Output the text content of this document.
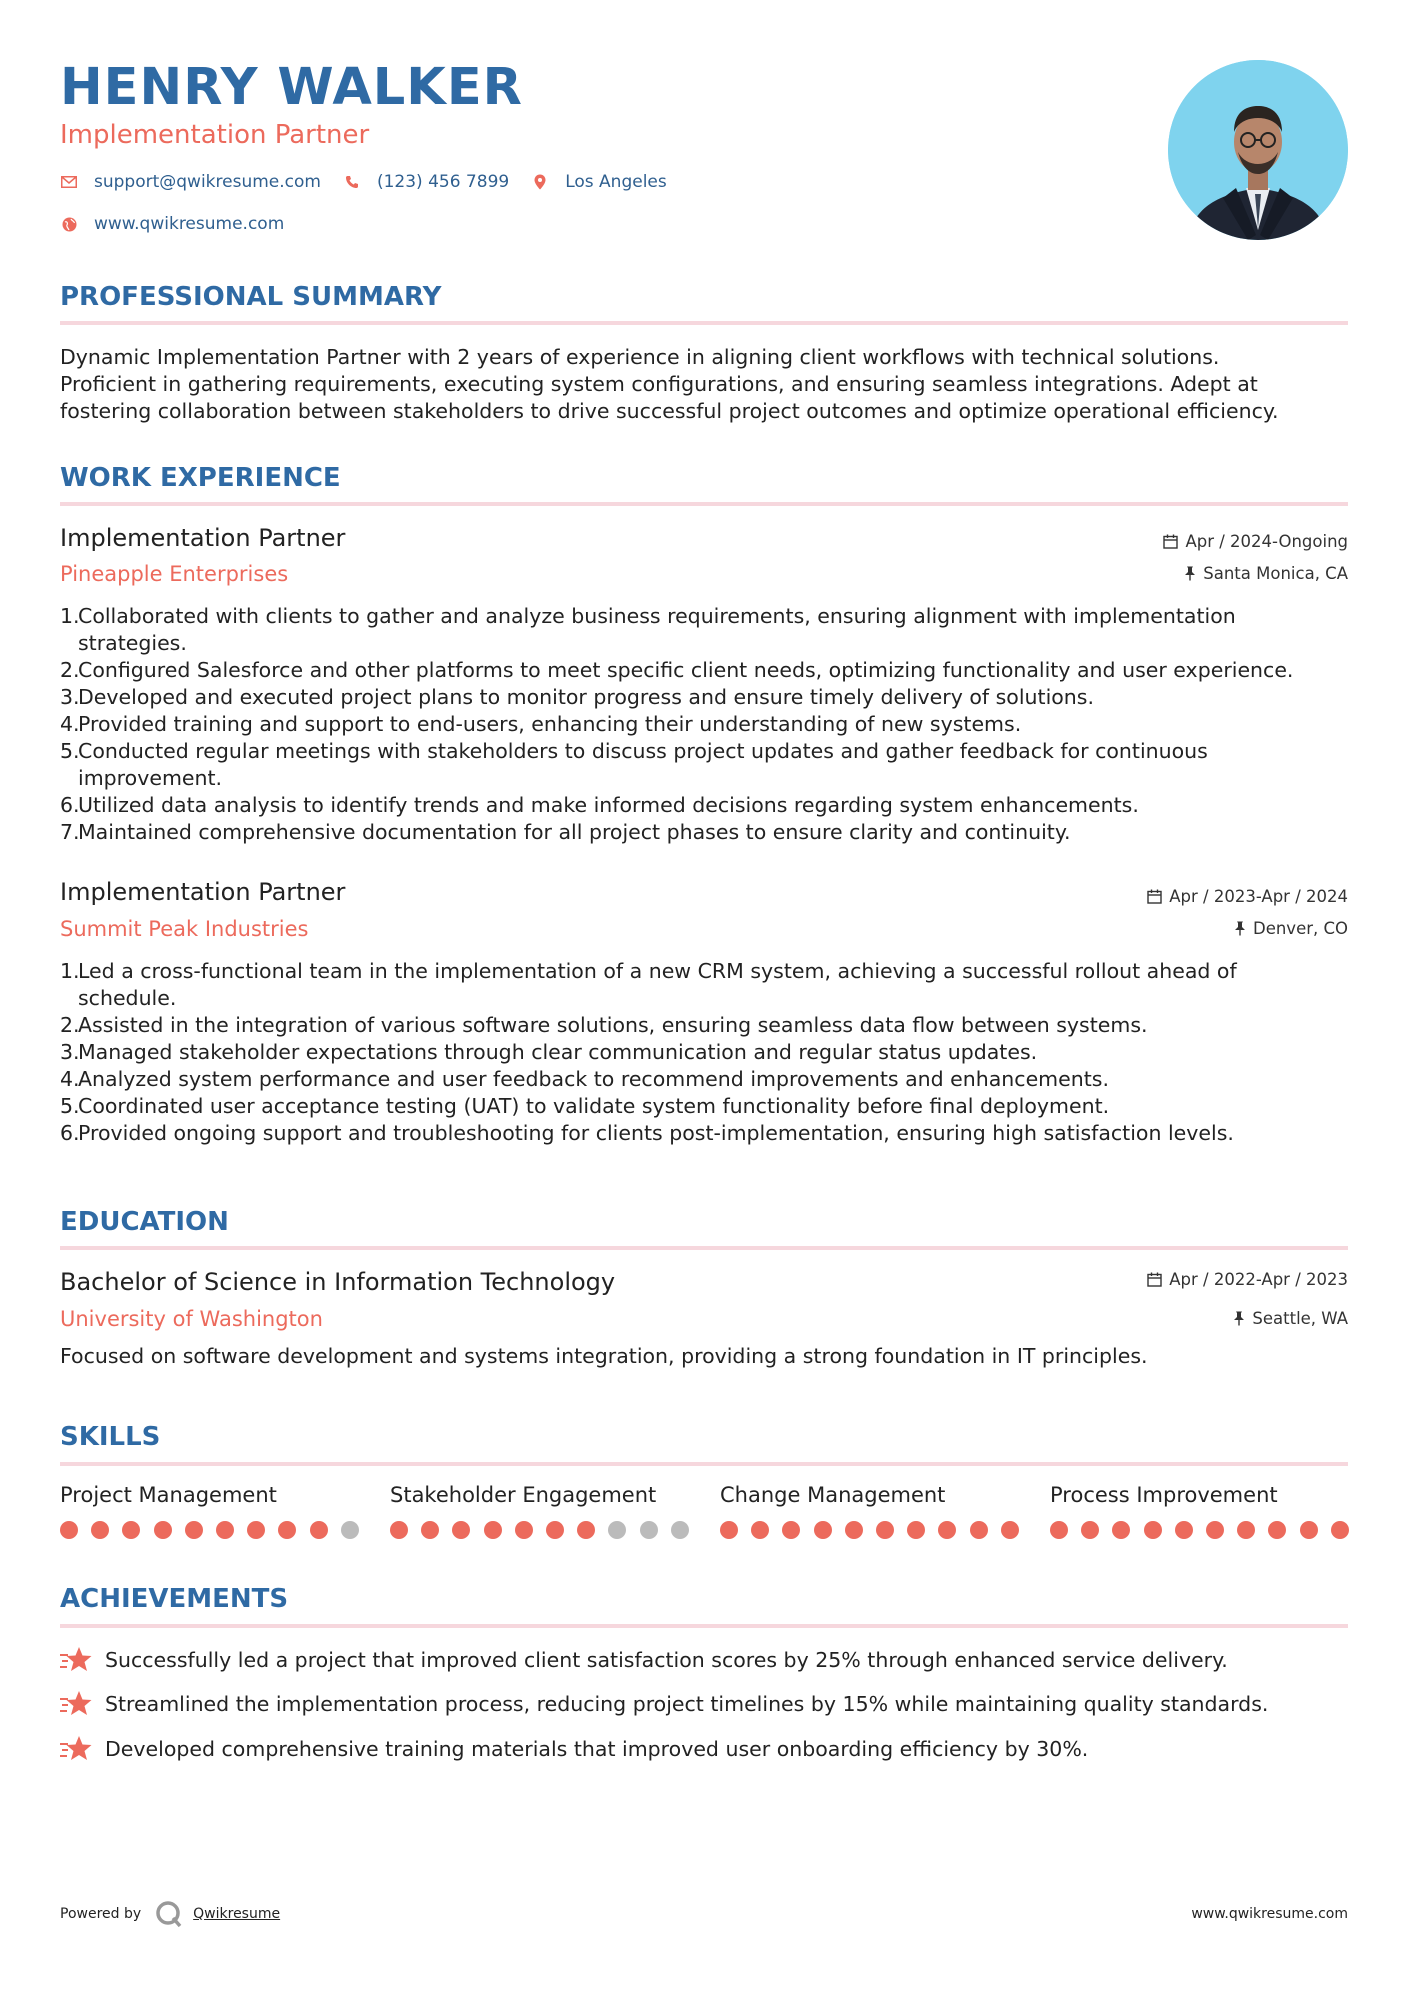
HENRY WALKER
Implementation Partner
support@qwikresume.com	(123) 456 7899	Los Angeles
www.qwikresume.com
PROFESSIONAL SUMMARY
Dynamic Implementation Partner with 2 years of experience in aligning client workflows with technical solutions.
Proficient in gathering requirements, executing system configurations, and ensuring seamless integrations. Adept at
fostering collaboration between stakeholders to drive successful project outcomes and optimize operational efficiency.
WORK EXPERIENCE
Implementation Partner
Pineapple Enterprises
Apr / 2024-Ongoing
Santa Monica, CA
1.
Collaborated with clients to gather and analyze business requirements, ensuring alignment with implementation
strategies.
2.
Configured Salesforce and other platforms to meet specific client needs, optimizing functionality and user experience.
3.
Developed and executed project plans to monitor progress and ensure timely delivery of solutions.
4.
Provided training and support to end-users, enhancing their understanding of new systems.
5.
Conducted regular meetings with stakeholders to discuss project updates and gather feedback for continuous
improvement.
6.
Utilized data analysis to identify trends and make informed decisions regarding system enhancements.
7.
Maintained comprehensive documentation for all project phases to ensure clarity and continuity.
Implementation Partner
Summit Peak Industries
Apr / 2023-Apr / 2024
Denver, CO
1.
Led a cross-functional team in the implementation of a new CRM system, achieving a successful rollout ahead of
schedule.
2.
Assisted in the integration of various software solutions, ensuring seamless data flow between systems.
3.
Managed stakeholder expectations through clear communication and regular status updates.
4.
Analyzed system performance and user feedback to recommend improvements and enhancements.
5.
Coordinated user acceptance testing (UAT) to validate system functionality before final deployment.
6.
Provided ongoing support and troubleshooting for clients post-implementation, ensuring high satisfaction levels.
EDUCATION
Bachelor of Science in Information Technology
University of Washington
Apr / 2022-Apr / 2023
Seattle, WA
Focused on software development and systems integration, providing a strong foundation in IT principles.
SKILLS
Project Management	Stakeholder Engagement	Change Management	Process Improvement
ACHIEVEMENTS
Successfully led a project that improved client satisfaction scores by 25% through enhanced service delivery.
Streamlined the implementation process, reducing project timelines by 15% while maintaining quality standards.
Developed comprehensive training materials that improved user onboarding efficiency by 30%.
Powered by	Qwikresume	www.qwikresume.com
